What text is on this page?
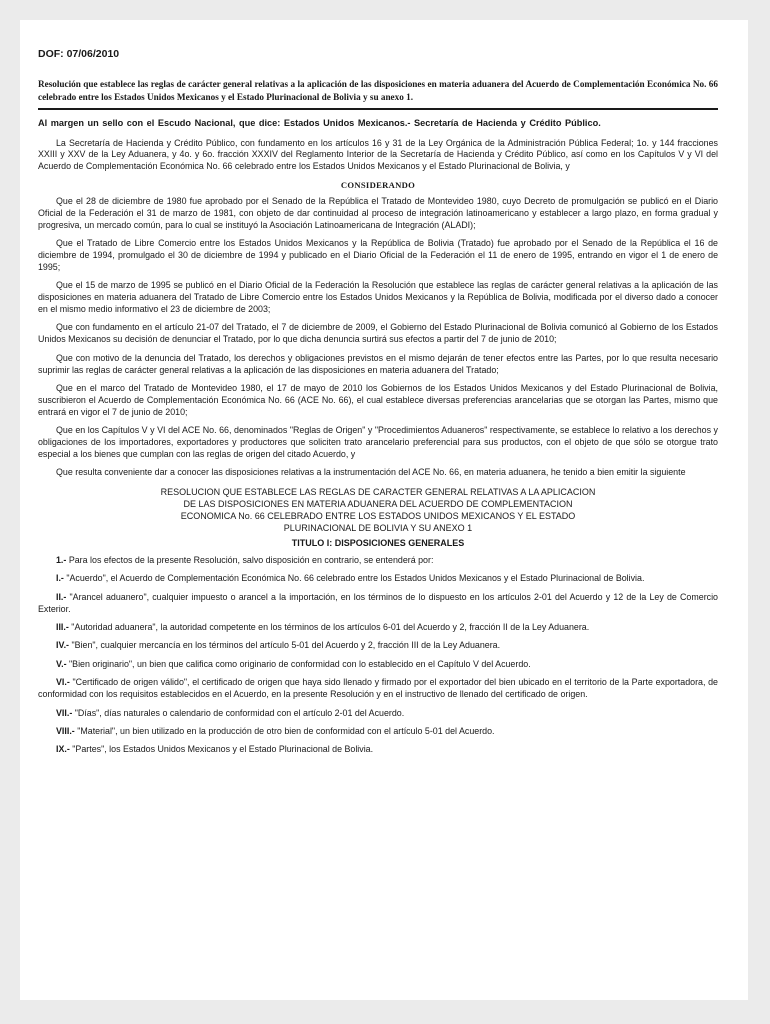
DOF: 07/06/2010

Resolución que establece las reglas de carácter general relativas a la aplicación de las disposiciones en materia aduanera del Acuerdo de Complementación Económica No. 66 celebrado entre los Estados Unidos Mexicanos y el Estado Plurinacional de Bolivia y su anexo 1.

Al margen un sello con el Escudo Nacional, que dice: Estados Unidos Mexicanos.- Secretaría de Hacienda y Crédito Público.

La Secretaría de Hacienda y Crédito Público, con fundamento en los artículos 16 y 31 de la Ley Orgánica de la Administración Pública Federal; 1o. y 144 fracciones XXIII y XXV de la Ley Aduanera, y 4o. y 6o. fracción XXXIV del Reglamento Interior de la Secretaría de Hacienda y Crédito Público, así como en los Capítulos V y VI del Acuerdo de Complementación Económica No. 66 celebrado entre los Estados Unidos Mexicanos y el Estado Plurinacional de Bolivia, y

CONSIDERANDO

Que el 28 de diciembre de 1980 fue aprobado por el Senado de la República el Tratado de Montevideo 1980, cuyo Decreto de promulgación se publicó en el Diario Oficial de la Federación el 31 de marzo de 1981, con objeto de dar continuidad al proceso de integración latinoamericano y establecer a largo plazo, en forma gradual y progresiva, un mercado común, para lo cual se instituyó la Asociación Latinoamericana de Integración (ALADI);

Que el Tratado de Libre Comercio entre los Estados Unidos Mexicanos y la República de Bolivia (Tratado) fue aprobado por el Senado de la República el 16 de diciembre de 1994, promulgado el 30 de diciembre de 1994 y publicado en el Diario Oficial de la Federación el 11 de enero de 1995, entrando en vigor el 1 de enero de 1995;

Que el 15 de marzo de 1995 se publicó en el Diario Oficial de la Federación la Resolución que establece las reglas de carácter general relativas a la aplicación de las disposiciones en materia aduanera del Tratado de Libre Comercio entre los Estados Unidos Mexicanos y la República de Bolivia, modificada por el diverso dado a conocer en el mismo medio informativo el 23 de diciembre de 2003;

Que con fundamento en el artículo 21-07 del Tratado, el 7 de diciembre de 2009, el Gobierno del Estado Plurinacional de Bolivia comunicó al Gobierno de los Estados Unidos Mexicanos su decisión de denunciar el Tratado, por lo que dicha denuncia surtirá sus efectos a partir del 7 de junio de 2010;

Que con motivo de la denuncia del Tratado, los derechos y obligaciones previstos en el mismo dejarán de tener efectos entre las Partes, por lo que resulta necesario suprimir las reglas de carácter general relativas a la aplicación de las disposiciones en materia aduanera del Tratado;

Que en el marco del Tratado de Montevideo 1980, el 17 de mayo de 2010 los Gobiernos de los Estados Unidos Mexicanos y del Estado Plurinacional de Bolivia, suscribieron el Acuerdo de Complementación Económica No. 66 (ACE No. 66), el cual establece diversas preferencias arancelarias que se otorgan las Partes, mismo que entrará en vigor el 7 de junio de 2010;

Que en los Capítulos V y VI del ACE No. 66, denominados "Reglas de Origen" y "Procedimientos Aduaneros" respectivamente, se establece lo relativo a los derechos y obligaciones de los importadores, exportadores y productores que soliciten trato arancelario preferencial para sus productos, con el objeto de que sólo se otorgue trato especial a los bienes que cumplan con las reglas de origen del citado Acuerdo, y

Que resulta conveniente dar a conocer las disposiciones relativas a la instrumentación del ACE No. 66, en materia aduanera, he tenido a bien emitir la siguiente

RESOLUCION QUE ESTABLECE LAS REGLAS DE CARACTER GENERAL RELATIVAS A LA APLICACION
DE LAS DISPOSICIONES EN MATERIA ADUANERA DEL ACUERDO DE COMPLEMENTACION
ECONOMICA No. 66 CELEBRADO ENTRE LOS ESTADOS UNIDOS MEXICANOS Y EL ESTADO
PLURINACIONAL DE BOLIVIA Y SU ANEXO 1
TITULO I: DISPOSICIONES GENERALES

1.- Para los efectos de la presente Resolución, salvo disposición en contrario, se entenderá por:

I.- "Acuerdo", el Acuerdo de Complementación Económica No. 66 celebrado entre los Estados Unidos Mexicanos y el Estado Plurinacional de Bolivia.

II.- "Arancel aduanero", cualquier impuesto o arancel a la importación, en los términos de lo dispuesto en los artículos 2-01 del Acuerdo y 12 de la Ley de Comercio Exterior.

III.- "Autoridad aduanera", la autoridad competente en los términos de los artículos 6-01 del Acuerdo y 2, fracción II de la Ley Aduanera.

IV.- "Bien", cualquier mercancía en los términos del artículo 5-01 del Acuerdo y 2, fracción III de la Ley Aduanera.

V.- "Bien originario", un bien que califica como originario de conformidad con lo establecido en el Capítulo V del Acuerdo.

VI.- "Certificado de origen válido", el certificado de origen que haya sido llenado y firmado por el exportador del bien ubicado en el territorio de la Parte exportadora, de conformidad con los requisitos establecidos en el Acuerdo, en la presente Resolución y en el instructivo de llenado del certificado de origen.

VII.- "Días", días naturales o calendario de conformidad con el artículo 2-01 del Acuerdo.

VIII.- "Material", un bien utilizado en la producción de otro bien de conformidad con el artículo 5-01 del Acuerdo.

IX.- "Partes", los Estados Unidos Mexicanos y el Estado Plurinacional de Bolivia.
